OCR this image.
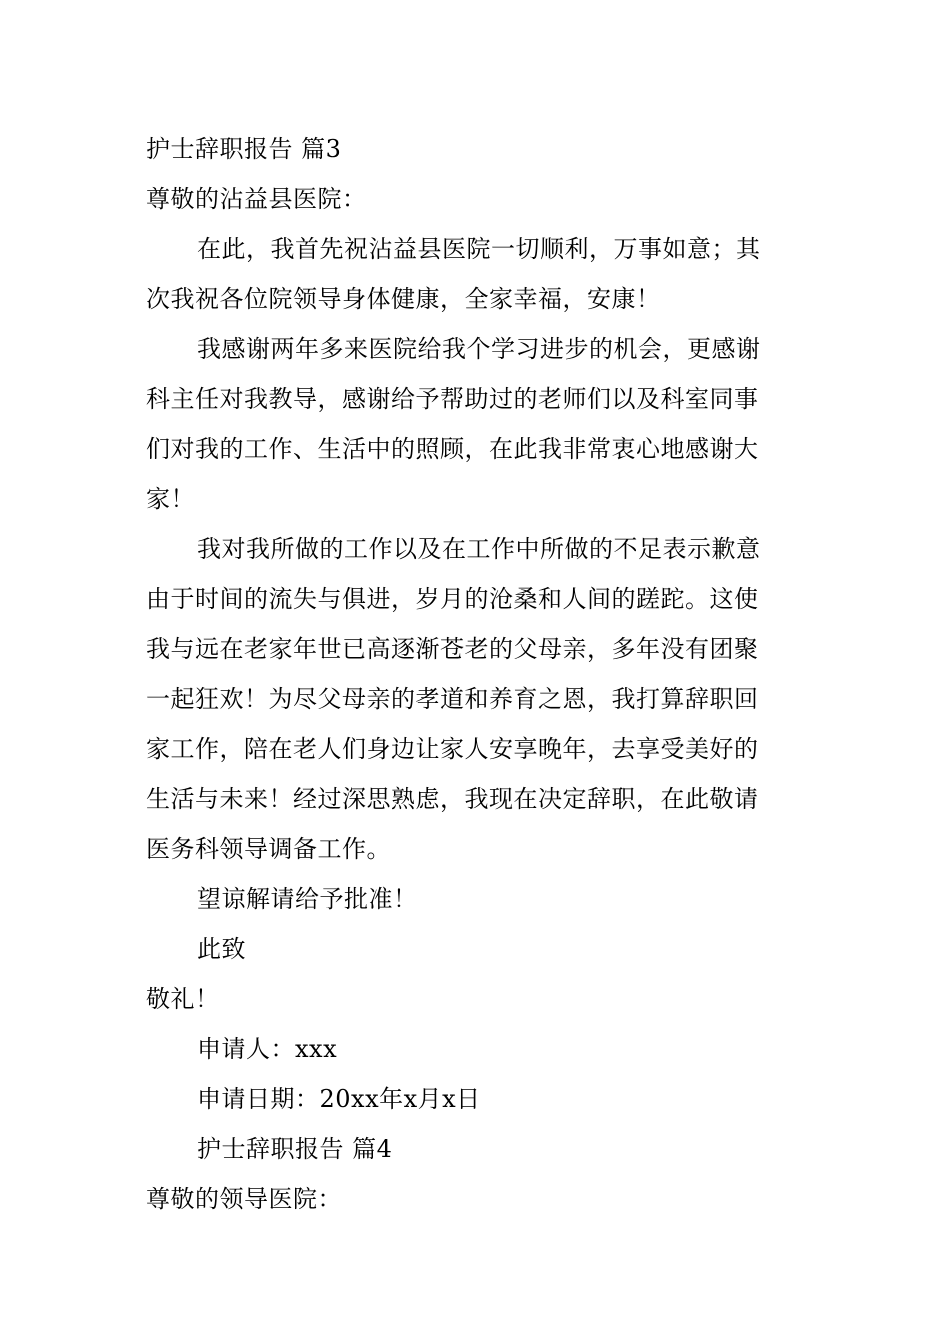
护士辞职报告 篇3
尊敬的沾益县医院：
在此，我首先祝沾益县医院一切顺利，万事如意；其
次我祝各位院领导身体健康，全家幸福，安康！
我感谢两年多来医院给我个学习进步的机会，更感谢
科主任对我教导，感谢给予帮助过的老师们以及科室同事
们对我的工作、生活中的照顾，在此我非常衷心地感谢大
家！
我对我所做的工作以及在工作中所做的不足表示歉意
由于时间的流失与俱进，岁月的沧桑和人间的蹉跎。这使
我与远在老家年世已高逐渐苍老的父母亲，多年没有团聚
一起狂欢！为尽父母亲的孝道和养育之恩，我打算辞职回
家工作，陪在老人们身边让家人安享晚年，去享受美好的
生活与未来！经过深思熟虑，我现在决定辞职，在此敬请
医务科领导调备工作。
望谅解请给予批准！
此致
敬礼！
申请人：xxx
申请日期：20xx年x月x日
护士辞职报告 篇4
尊敬的领导医院：
